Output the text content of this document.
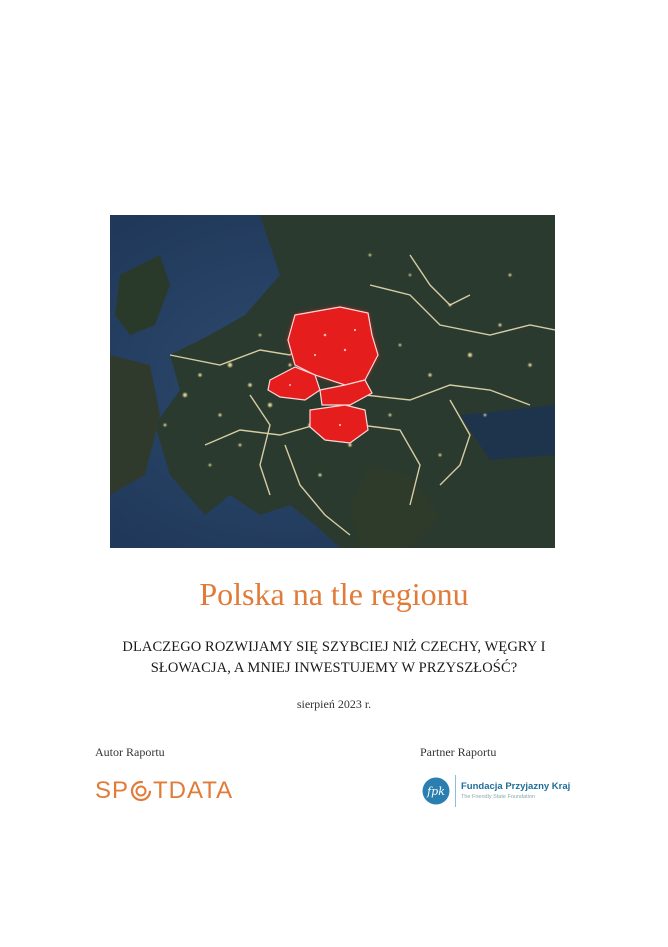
Polska na tle regionu
DLACZEGO ROZWIJAMY SIĘ SZYBCIEJ NIŻ CZECHY, WĘGRY I
SŁOWACJA, A MNIEJ INWESTUJEMY W PRZYSZŁOŚĆ?
sierpień 2023 r.
Autor Raportu	Partner Raportu
SP TDATA	fpk Fundacja Przyjazny Kraj
The Friendly State Foundation
